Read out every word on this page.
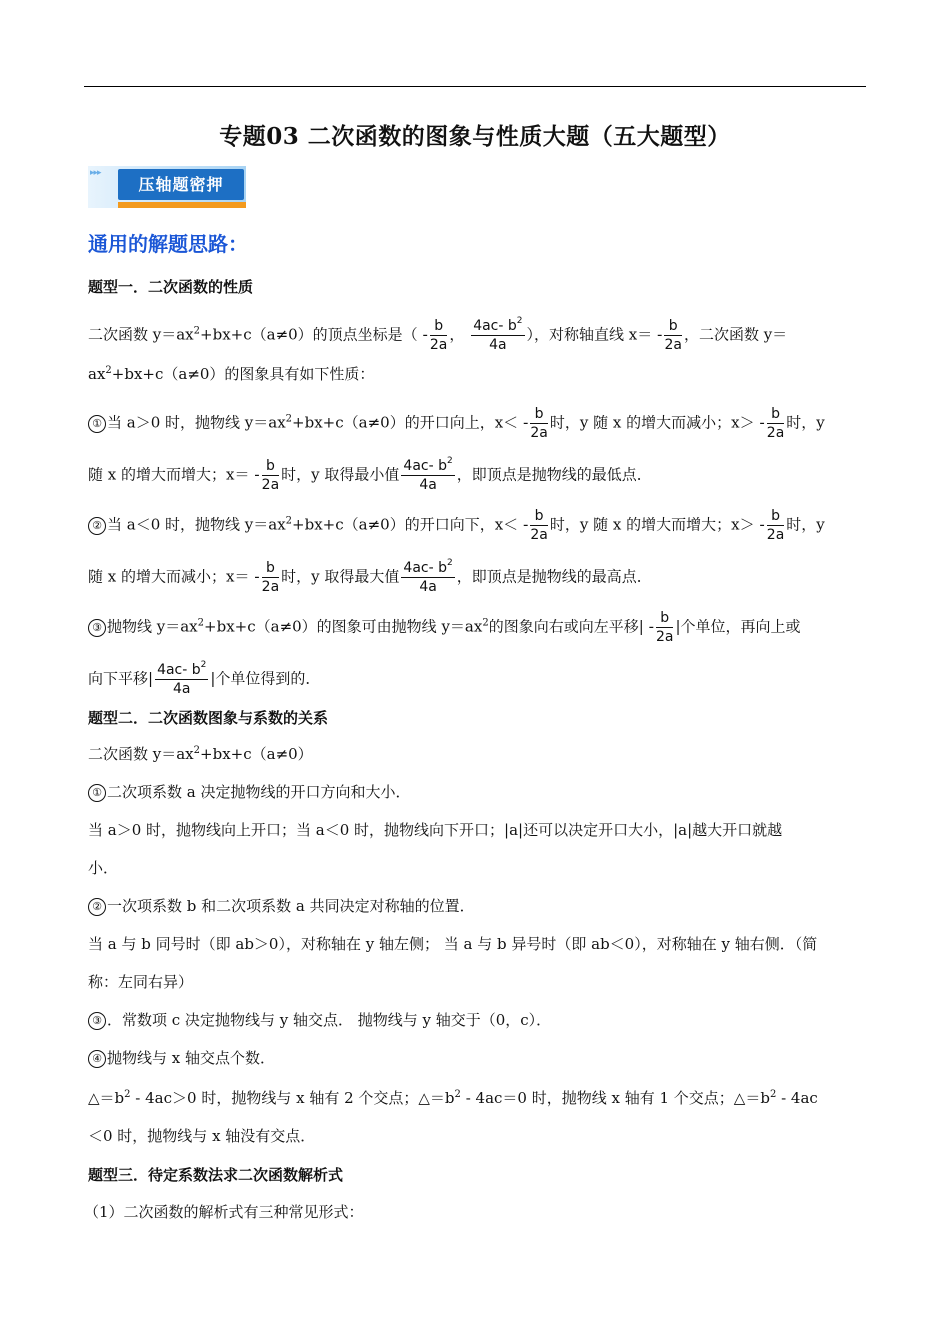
专题03 二次函数的图象与性质大题（五大题型）
▸▸▸
压轴题密押
通用的解题思路：
题型一．二次函数的性质
二次函数 $y=ax^2+bx+c(a\ne 0)$的顶点坐标是（ - $\frac{b}{2a}$ ， $\frac{4ac- b^2}{4a}$ ），对称轴直线 $x= - \frac{b}{2a}$ ，二次函数 y＝
$ax^2+bx+c(a\ne 0)$的图象具有如下性质：
① 当 a＞0 时，抛物线 $y=ax^2+bx+c(a\ne 0)$的开口向上，$x< - \frac{b}{2a}$ 时，y 随 x 的增大而减小；$x> - \frac{b}{2a}$ 时，y
随 x 的增大而增大；$x= - \frac{b}{2a}$ 时，y 取得最小值 $\frac{4ac- b^2}{4a}$ ，即顶点是抛物线的最低点．
② 当 a＜0 时，抛物线 $y=ax^2+bx+c(a\ne 0)$的开口向下，$x< - \frac{b}{2a}$ 时，y 随 x 的增大而增大；$x> - \frac{b}{2a}$ 时，y
随 x 的增大而减小；$x= - \frac{b}{2a}$ 时，y 取得最大值 $\frac{4ac- b^2}{4a}$ ，即顶点是抛物线的最高点．
③ 抛物线 $y=ax^2+bx+c(a\ne 0)$的图象可由抛物线 $y=ax^2$的图象向右或向左平移| - $\frac{b}{2a}$ |个单位，再向上或
向下平移| $\frac{4ac- b^2}{4a}$ |个单位得到的．
题型二．二次函数图象与系数的关系
二次函数 $y=ax^2+bx+c(a\ne 0)$
① 二次项系数 a 决定抛物线的开口方向和大小．
当 a＞0 时，抛物线向上开口；当 a＜0 时，抛物线向下开口；|a|还可以决定开口大小，|a|越大开口就越
小．
② 一次项系数 b 和二次项系数 a 共同决定对称轴的位置．
当 a 与 b 同号时（即 ab＞0），对称轴在 y 轴左侧； 当 a 与 b 异号时（即 ab＜0），对称轴在 y 轴右侧．（简
称：左同右异）
③ ．常数项 c 决定抛物线与 y 轴交点． 抛物线与 y 轴交于（0，c）．
④ 抛物线与 x 轴交点个数．
$\triangle=b^2 - 4ac>0$ 时，抛物线与 x 轴有 2 个交点；$\triangle=b^2 - 4ac=0$ 时，抛物线 x 轴有 1 个交点；$\triangle=b^2 - 4ac$
＜0 时，抛物线与 x 轴没有交点．
题型三．待定系数法求二次函数解析式
（1）二次函数的解析式有三种常见形式：
